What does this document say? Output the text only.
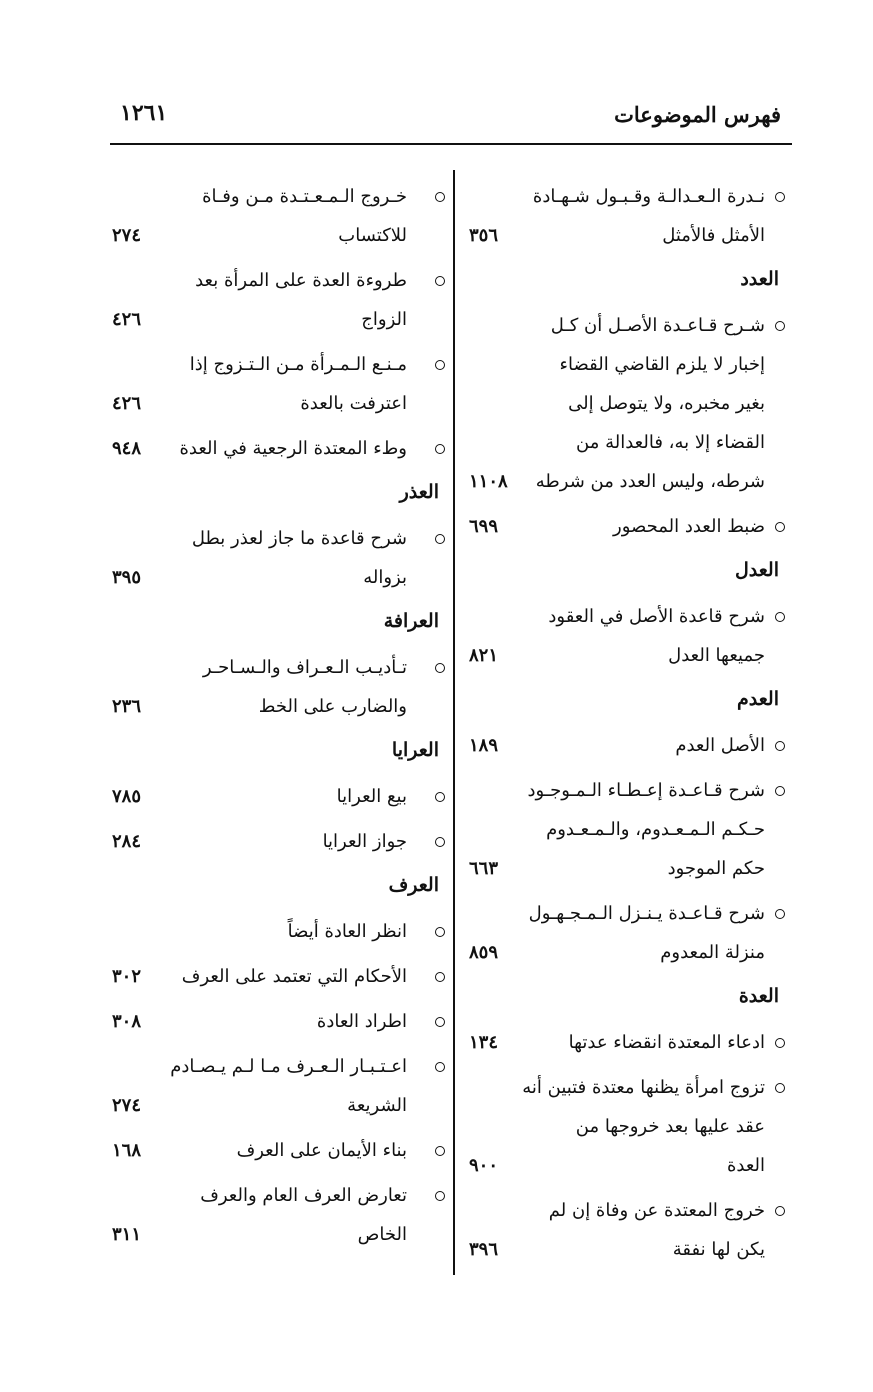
فهرس الموضوعات
١٢٦١
نـدرة الـعـدالـة وقـبـول شـهـادة
الأمثل فالأمثل
٣٥٦
العدد
شـرح قـاعـدة الأصـل أن كـل
إخبار لا يلزم القاضي القضاء
بغير مخبره، ولا يتوصل إلى
القضاء إلا به، فالعدالة من
شرطه، وليس العدد من شرطه
١١٠٨
ضبط العدد المحصور
٦٩٩
العدل
شرح قاعدة الأصل في العقود
جميعها العدل
٨٢١
العدم
الأصل العدم
١٨٩
شرح قـاعـدة إعـطـاء الـمـوجـود
حـكـم الـمـعـدوم، والـمـعـدوم
حكم الموجود
٦٦٣
شرح قـاعـدة يـنـزل الـمـجـهـول
منزلة المعدوم
٨٥٩
العدة
ادعاء المعتدة انقضاء عدتها
١٣٤
تزوج امرأة يظنها معتدة فتبين أنه
عقد عليها بعد خروجها من
العدة
٩٠٠
خروج المعتدة عن وفاة إن لم
يكن لها نفقة
٣٩٦
خـروج الـمـعـتـدة مـن وفـاة
للاكتساب
٢٧٤
طروءة العدة على المرأة بعد
الزواج
٤٢٦
مـنـع الـمـرأة مـن الـتـزوج إذا
اعترفت بالعدة
٤٢٦
وطء المعتدة الرجعية في العدة
٩٤٨
العذر
شرح قاعدة ما جاز لعذر بطل
بزواله
٣٩٥
العرافة
تـأديـب الـعـراف والـسـاحـر
والضارب على الخط
٢٣٦
العرايا
بيع العرايا
٧٨٥
جواز العرايا
٢٨٤
العرف
انظر العادة أيضاً
الأحكام التي تعتمد على العرف
٣٠٢
اطراد العادة
٣٠٨
اعـتـبـار الـعـرف مـا لـم يـصـادم
الشريعة
٢٧٤
بناء الأيمان على العرف
١٦٨
تعارض العرف العام والعرف
الخاص
٣١١
